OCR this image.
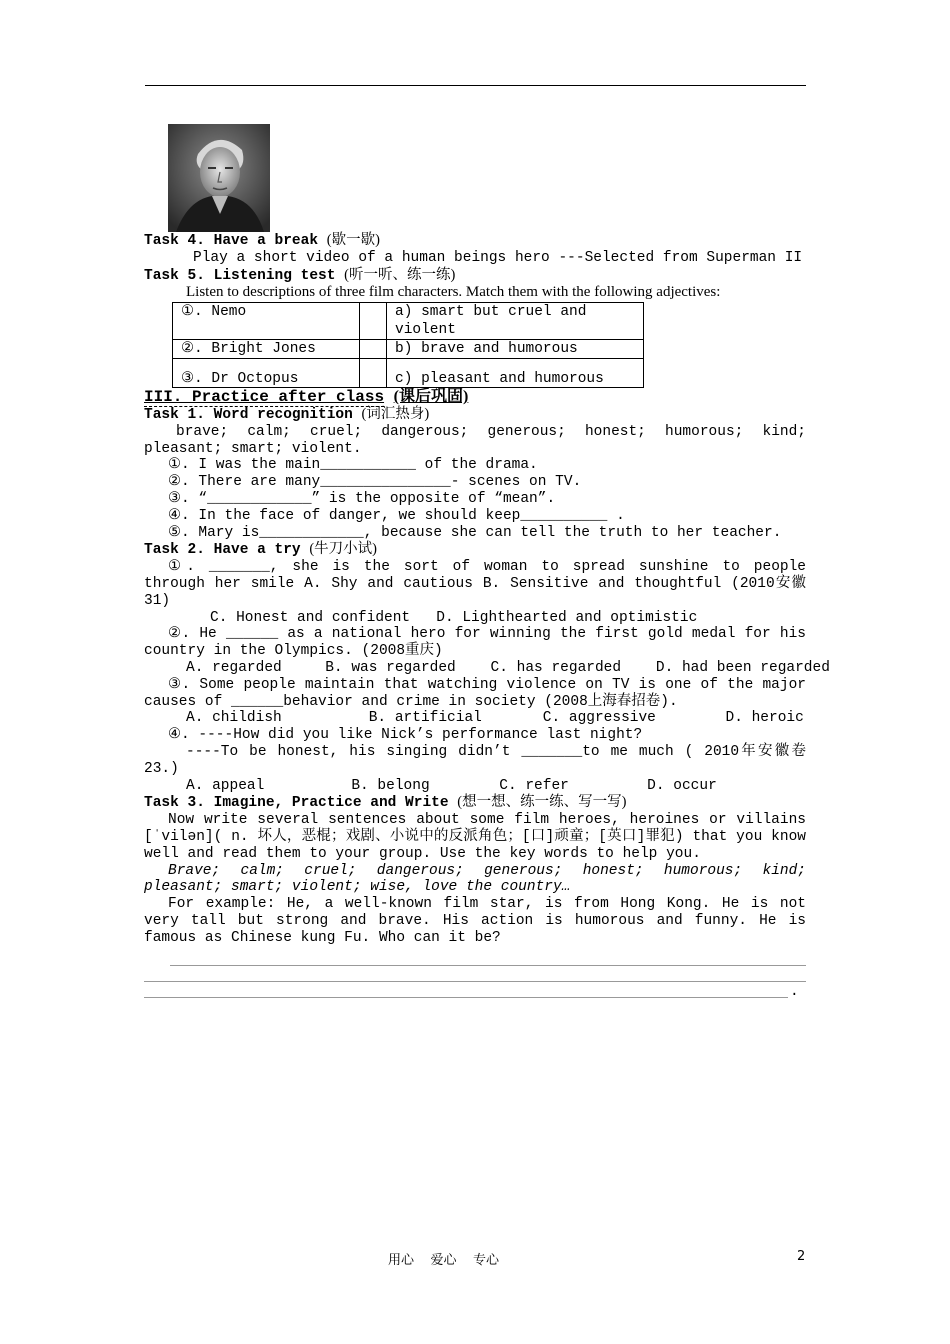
Task 4. Have a break (歇一歇)
Play a short video of a human beings hero ---Selected from Superman II
Task 5. Listening test (听一听、练一练)
Listen to descriptions of three film characters. Match them with the following adjectives:
①. Nemo		a) smart but cruel and violent
②. Bright Jones		b) brave and humorous
③. Dr Octopus		c) pleasant and humorous
III. Practice after class (课后巩固)
Task 1. Word recognition (词汇热身)
brave; calm; cruel; dangerous; generous; honest; humorous; kind; pleasant; smart; violent.
①. I was the main___________ of the drama.
②. There are many_______________- scenes on TV.
③. “____________” is the opposite of “mean”.
④. In the face of danger, we should keep__________ .
⑤. Mary is____________, because she can tell the truth to her teacher.
Task 2. Have a try (牛刀小试)
①. _______, she is the sort of woman to spread sunshine to people through her smile A. Shy and cautious B. Sensitive and thoughtful (2010安徽31)
C. Honest and confident   D. Lighthearted and optimistic
②. He ______ as a national hero for winning the first gold medal for his country in the Olympics. (2008重庆)
A. regarded     B. was regarded    C. has regarded    D. had been regarded
③. Some people maintain that watching violence on TV is one of the major causes of ______behavior and crime in society (2008上海春招卷).
A. childish          B. artificial       C. aggressive        D. heroic
④. ----How did you like Nick’s performance last night?
----To be honest, his singing didn’t _______to me much ( 2010年安徽卷 23.)
A. appeal          B. belong        C. refer         D. occur
Task 3. Imagine, Practice and Write (想一想、练一练、写一写)
Now write several sentences about some film heroes, heroines or villains [ˈvilən]( n. 坏人，恶棍；戏剧、小说中的反派角色；[口]顽童；[英口]罪犯) that you know well and read them to your group. Use the key words to help you.
Brave; calm; cruel; dangerous; generous; honest; humorous; kind; pleasant; smart; violent; wise, love the country…
For example: He, a well-known film star, is from Hong Kong. He is not very tall but strong and brave. His action is humorous and funny. He is famous as Chinese kung Fu. Who can it be?
.
用心    爱心    专心	2
